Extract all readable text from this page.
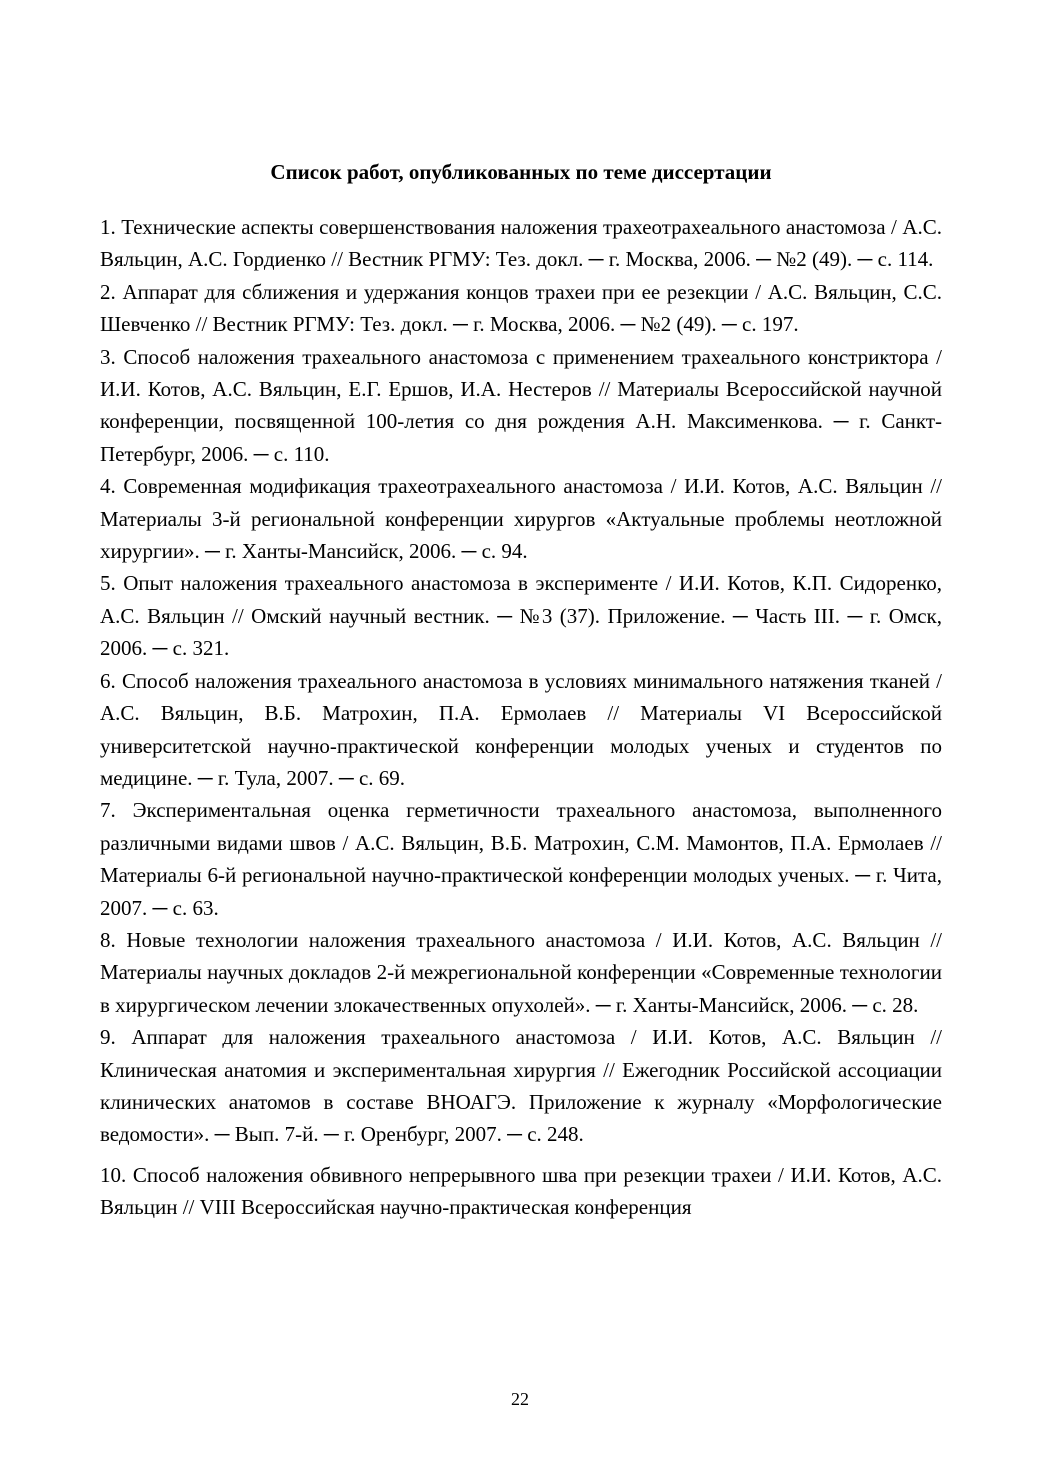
Список работ, опубликованных по теме диссертации

1. Технические аспекты совершенствования наложения трахеотрахеального анастомоза / А.С. Вяльцин, А.С. Гордиенко // Вестник РГМУ: Тез. докл. ─ г. Москва, 2006. ─ №2 (49). ─ с. 114.

2. Аппарат для сближения и удержания концов трахеи при ее резекции / А.С. Вяльцин, С.С. Шевченко // Вестник РГМУ: Тез. докл. ─ г. Москва, 2006. ─ №2 (49). ─ с. 197.

3. Способ наложения трахеального анастомоза с применением трахеального констриктора /И.И. Котов, А.С. Вяльцин, Е.Г. Ершов, И.А. Нестеров // Материалы Всероссийской научной конференции, посвященной 100-летия со дня рождения А.Н. Максименкова. ─ г. Санкт-Петербург, 2006. ─ с. 110.

4. Современная модификация трахеотрахеального анастомоза / И.И. Котов, А.С. Вяльцин // Материалы 3-й региональной конференции хирургов «Актуальные проблемы неотложной хирургии». ─ г. Ханты-Мансийск, 2006. ─ с. 94.

5. Опыт наложения трахеального анастомоза в эксперименте / И.И. Котов, К.П. Сидоренко, А.С. Вяльцин // Омский научный вестник. ─ №3 (37). Приложение. ─ Часть III. ─ г. Омск, 2006. ─ с. 321.

6. Способ наложения трахеального анастомоза в условиях минимального натяжения тканей / А.С. Вяльцин, В.Б. Матрохин, П.А. Ермолаев // Материалы VI Всероссийской университетской научно-практической конференции молодых ученых и студентов по медицине. ─ г. Тула, 2007. ─ с. 69.

7. Экспериментальная оценка герметичности трахеального анастомоза, выполненного различными видами швов / А.С. Вяльцин, В.Б. Матрохин, С.М. Мамонтов, П.А. Ермолаев // Материалы 6-й региональной научно-практической конференции молодых ученых. ─ г. Чита, 2007. ─ с. 63.

8. Новые технологии наложения трахеального анастомоза / И.И. Котов, А.С. Вяльцин // Материалы научных докладов 2-й межрегиональной конференции «Современные технологии в хирургическом лечении злокачественных опухолей». ─ г. Ханты-Мансийск, 2006. ─ с. 28.

9. Аппарат для наложения трахеального анастомоза / И.И. Котов, А.С. Вяльцин // Клиническая анатомия и экспериментальная хирургия // Ежегодник Российской ассоциации клинических анатомов в составе ВНОАГЭ. Приложение к журналу «Морфологические ведомости». ─ Вып. 7-й. ─ г. Оренбург, 2007. ─ с. 248.

10. Способ наложения обвивного непрерывного шва при резекции трахеи / И.И. Котов, А.С. Вяльцин // VIII Всероссийская научно-практическая конференция

22
